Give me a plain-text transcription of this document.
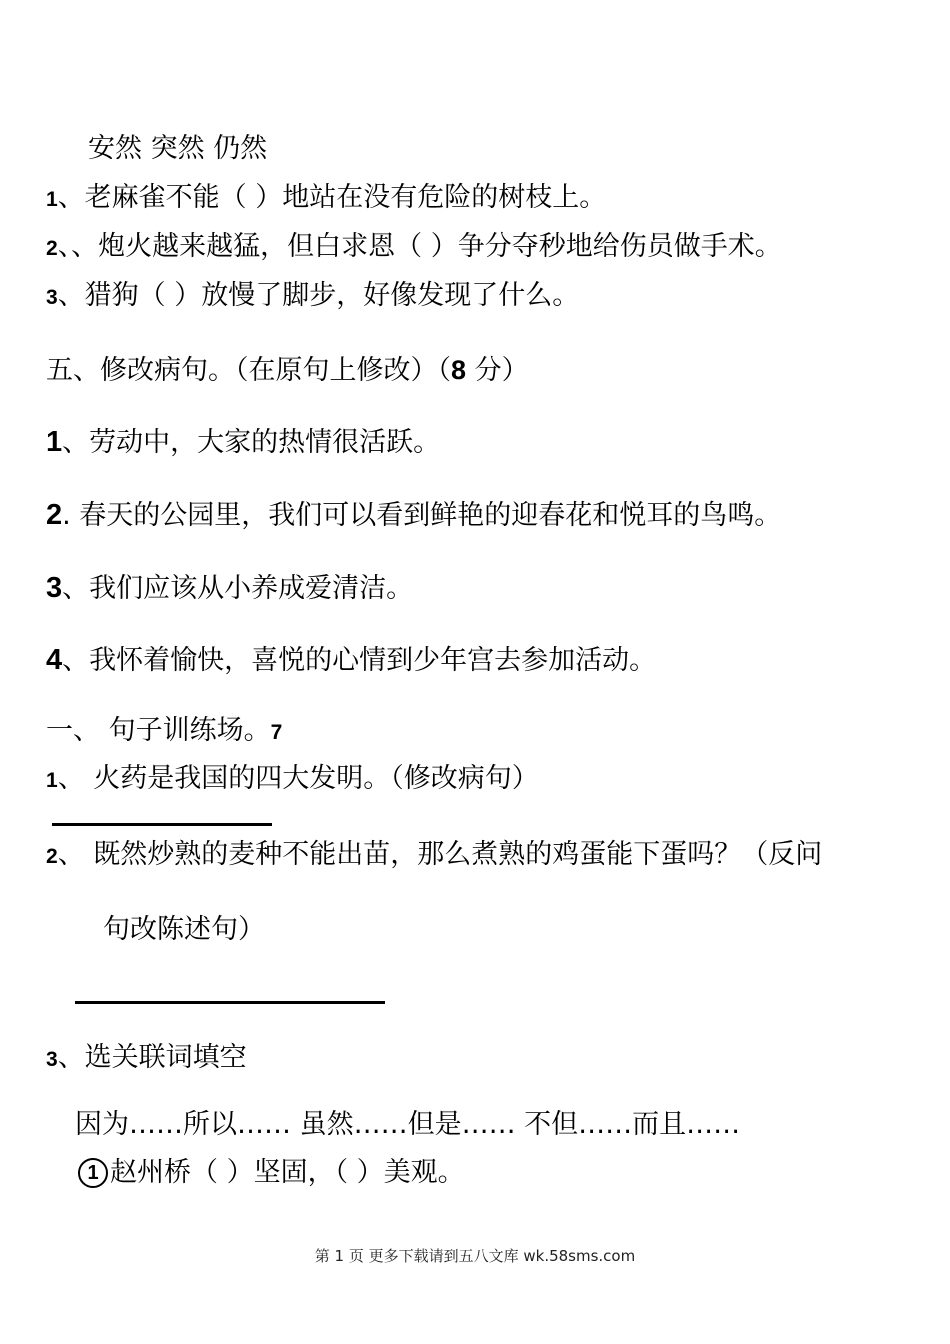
安然 突然 仍然
1、老麻雀不能（ ）地站在没有危险的树枝上。
2、、炮火越来越猛，但白求恩（ ）争分夺秒地给伤员做手术。
3、猎狗（ ）放慢了脚步，好像发现了什么。
五、修改病句。（在原句上修改）（8 分）
1、劳动中，大家的热情很活跃。
2. 春天的公园里，我们可以看到鲜艳的迎春花和悦耳的鸟鸣。
3、我们应该从小养成爱清洁。
4、我怀着愉快，喜悦的心情到少年宫去参加活动。
一、 句子训练场。7
1、 火药是我国的四大发明。（修改病句）
2、 既然炒熟的麦种不能出苗，那么煮熟的鸡蛋能下蛋吗？（反问
句改陈述句）
3、选关联词填空
因为……所以…… 虽然……但是…… 不但……而且……
1 赵州桥（ ）坚固，（ ）美观。
第 1 页 更多下载请到五八文库 wk.58sms.com
